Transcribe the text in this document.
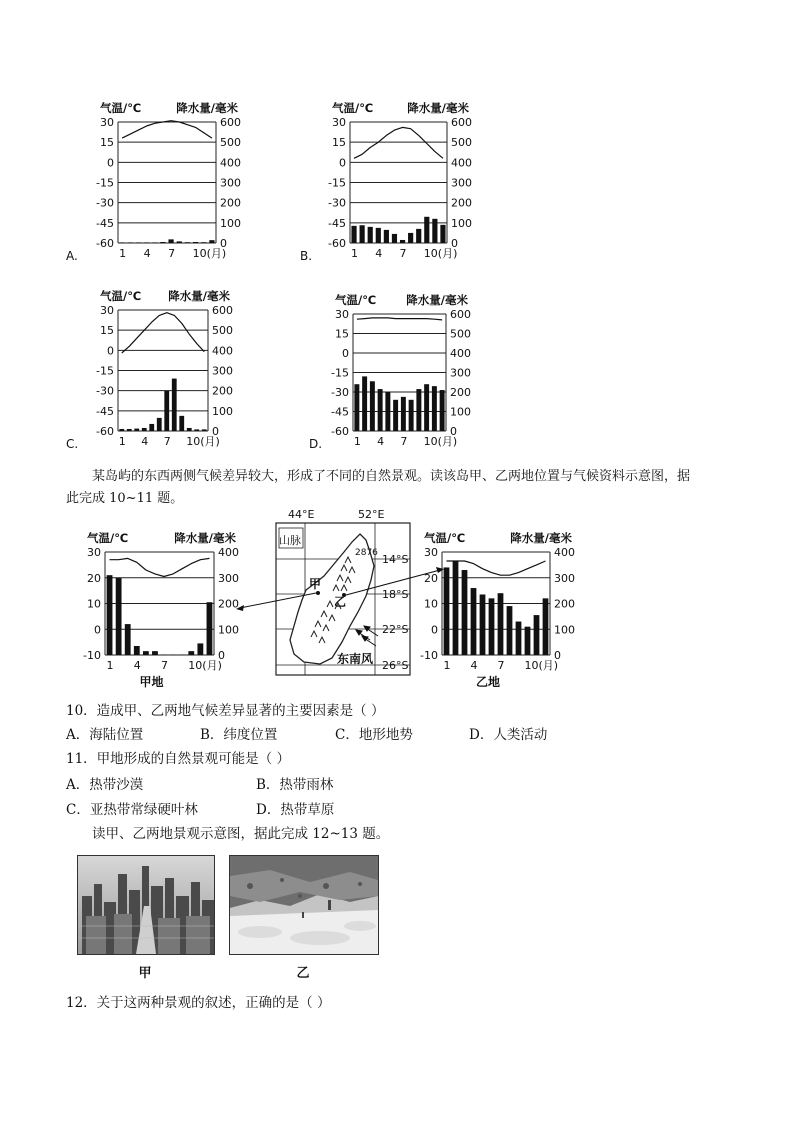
30	600
15	500
0	400
-15	300
-30	200
-45	100
-60	0
气温/℃	降水量/毫米
1 4 7 10(月)
A.
30	600
15	500
0	400
-15	300
-30	200
-45	100
-60	0
气温/℃	降水量/毫米
1 4 7 10(月)
B.
30	600
15	500
0	400
-15	300
-30	200
-45	100
-60	0
气温/℃ 降水量/毫米
1 4 7 10(月)
C.
30	600
15	500
0	400
-15	300
-30	200
-45	100
-60	0
气温/℃	降水量/毫米
1 4 7 10(月)
D.
某岛屿的东西两侧气候差异较大，形成了不同的自然景观。读该岛甲、乙两地位置与气候资料示意图，据
此完成 10~11 题。
30	400
20	300
10	200
0	100
-10	0
气温/℃	降水量/毫米
1 4 7 10(月)
甲地
30	400
20	300
10	200
0	100
-10	0
气温/℃	降水量/毫米
1 4 7 10(月)
乙地
44°E	52°E
14°S
18°S
22°S
26°S
山脉
2876
甲
乙
东南风
10．造成甲、乙两地气候差异显著的主要因素是（ ）
A．海陆位置	B．纬度位置	C．地形地势	D．人类活动
11．甲地形成的自然景观可能是（ ）
A．热带沙漠	B．热带雨林
C．亚热带常绿硬叶林	D．热带草原
读甲、乙两地景观示意图，据此完成 12~13 题。
甲	乙
12．关于这两种景观的叙述，正确的是（ ）
